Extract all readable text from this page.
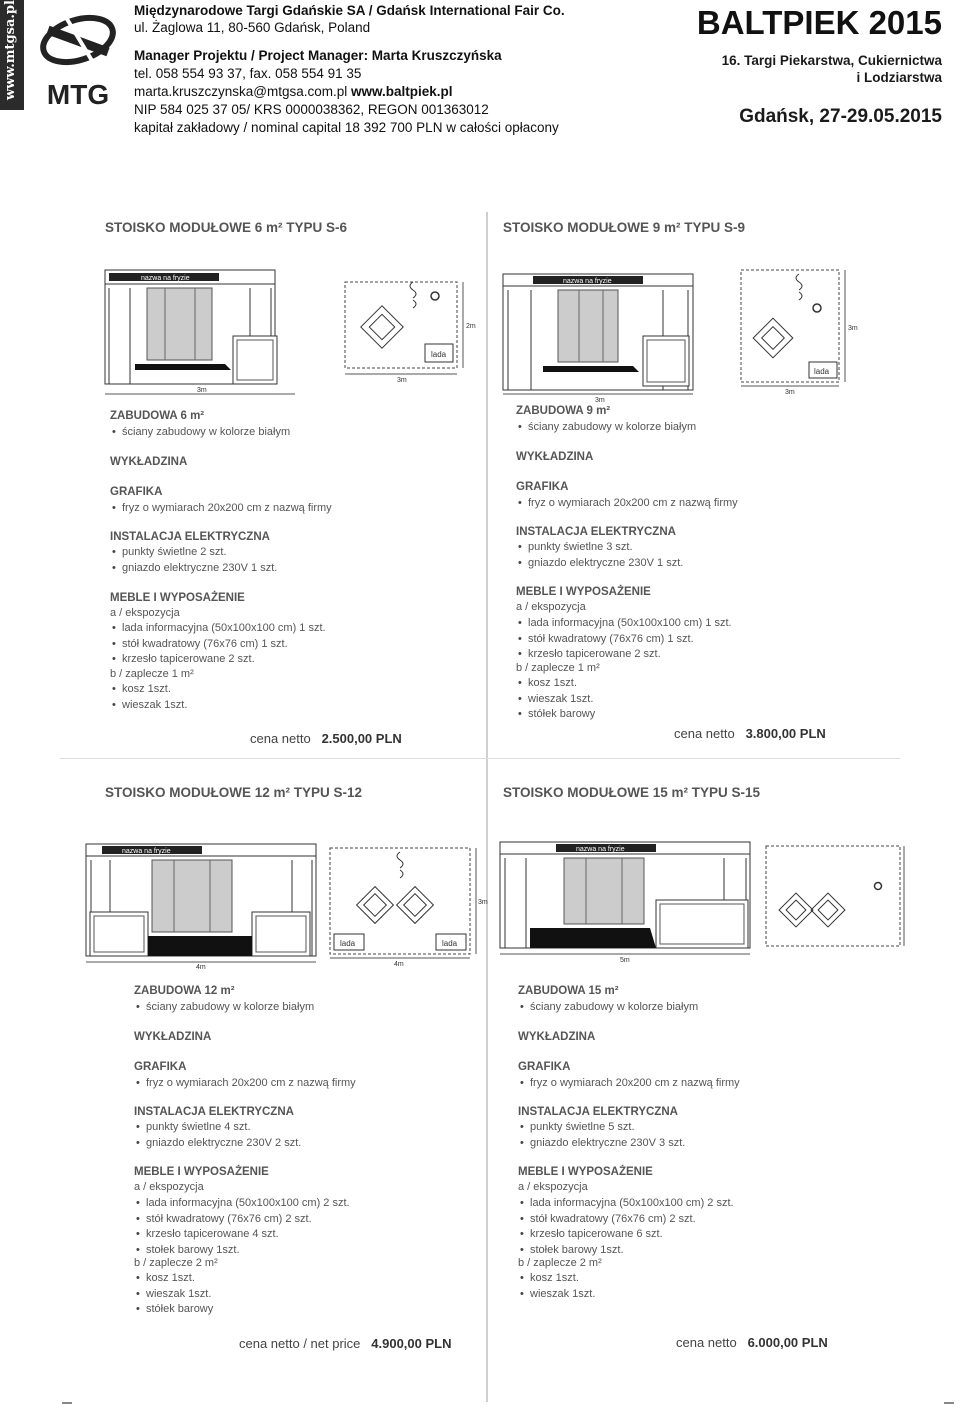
www.mtgsa.pl MTG
Międzynarodowe Targi Gdańskie SA / Gdańsk International Fair Co.
ul. Żaglowa 11, 80-560 Gdańsk, Poland
Manager Projektu / Project Manager: Marta Kruszczyńska
tel. 058 554 93 37, fax. 058 554 91 35
marta.kruszczynska@mtgsa.com.pl www.baltpiek.pl
NIP 584 025 37 05/ KRS 0000038362, REGON 001363012
kapitał zakładowy / nominal capital 18 392 700 PLN w całości opłacony
BALTPIEK 2015
16. Targi Piekarstwa, Cukiernictwa
i Lodziarstwa
Gdańsk, 27-29.05.2015
STOISKO MODUŁOWE 6 m² TYPU S-6
nazwa na fryzie
3m
lada
2m
3m
ZABUDOWA 6 m²
• ściany zabudowy w kolorze białym
WYKŁADZINA
GRAFIKA
• fryz o wymiarach 20x200 cm z nazwą firmy
INSTALACJA ELEKTRYCZNA
• punkty świetlne 2 szt.
• gniazdo elektryczne 230V 1 szt.
MEBLE I WYPOSAŻENIE
a / ekspozycja
• lada informacyjna (50x100x100 cm) 1 szt.
• stół kwadratowy (76x76 cm) 1 szt.
• krzesło tapicerowane 2 szt.
b / zaplecze 1 m²
• kosz 1szt.
• wieszak 1szt.
cena netto 2.500,00 PLN
STOISKO MODUŁOWE 9 m² TYPU S-9
nazwa na fryzie
3m
lada
3m
3m
ZABUDOWA 9 m²
• ściany zabudowy w kolorze białym
WYKŁADZINA
GRAFIKA
• fryz o wymiarach 20x200 cm z nazwą firmy
INSTALACJA ELEKTRYCZNA
• punkty świetlne 3 szt.
• gniazdo elektryczne 230V 1 szt.
MEBLE I WYPOSAŻENIE
a / ekspozycja
• lada informacyjna (50x100x100 cm) 1 szt.
• stół kwadratowy (76x76 cm) 1 szt.
• krzesło tapicerowane 2 szt.
b / zaplecze 1 m²
• kosz 1szt.
• wieszak 1szt.
• stółek barowy
cena netto 3.800,00 PLN
STOISKO MODUŁOWE 12 m² TYPU S-12
nazwa na fryzie
4m
lada	lada
3m
4m
ZABUDOWA 12 m²
• ściany zabudowy w kolorze białym
WYKŁADZINA
GRAFIKA
• fryz o wymiarach 20x200 cm z nazwą firmy
INSTALACJA ELEKTRYCZNA
• punkty świetlne 4 szt.
• gniazdo elektryczne 230V 2 szt.
MEBLE I WYPOSAŻENIE
a / ekspozycja
• lada informacyjna (50x100x100 cm) 2 szt.
• stół kwadratowy (76x76 cm) 2 szt.
• krzesło tapicerowane 4 szt.
• stołek barowy 1szt.
b / zaplecze 2 m²
• kosz 1szt.
• wieszak 1szt.
• stółek barowy
cena netto / net price 4.900,00 PLN
STOISKO MODUŁOWE 15 m² TYPU S-15
nazwa na fryzie
5m
ZABUDOWA 15 m²
• ściany zabudowy w kolorze białym
WYKŁADZINA
GRAFIKA
• fryz o wymiarach 20x200 cm z nazwą firmy
INSTALACJA ELEKTRYCZNA
• punkty świetlne 5 szt.
• gniazdo elektryczne 230V 3 szt.
MEBLE I WYPOSAŻENIE
a / ekspozycja
• lada informacyjna (50x100x100 cm) 2 szt.
• stół kwadratowy (76x76 cm) 2 szt.
• krzesło tapicerowane 6 szt.
• stołek barowy 1szt.
b / zaplecze 2 m²
• kosz 1szt.
• wieszak 1szt.
cena netto 6.000,00 PLN
